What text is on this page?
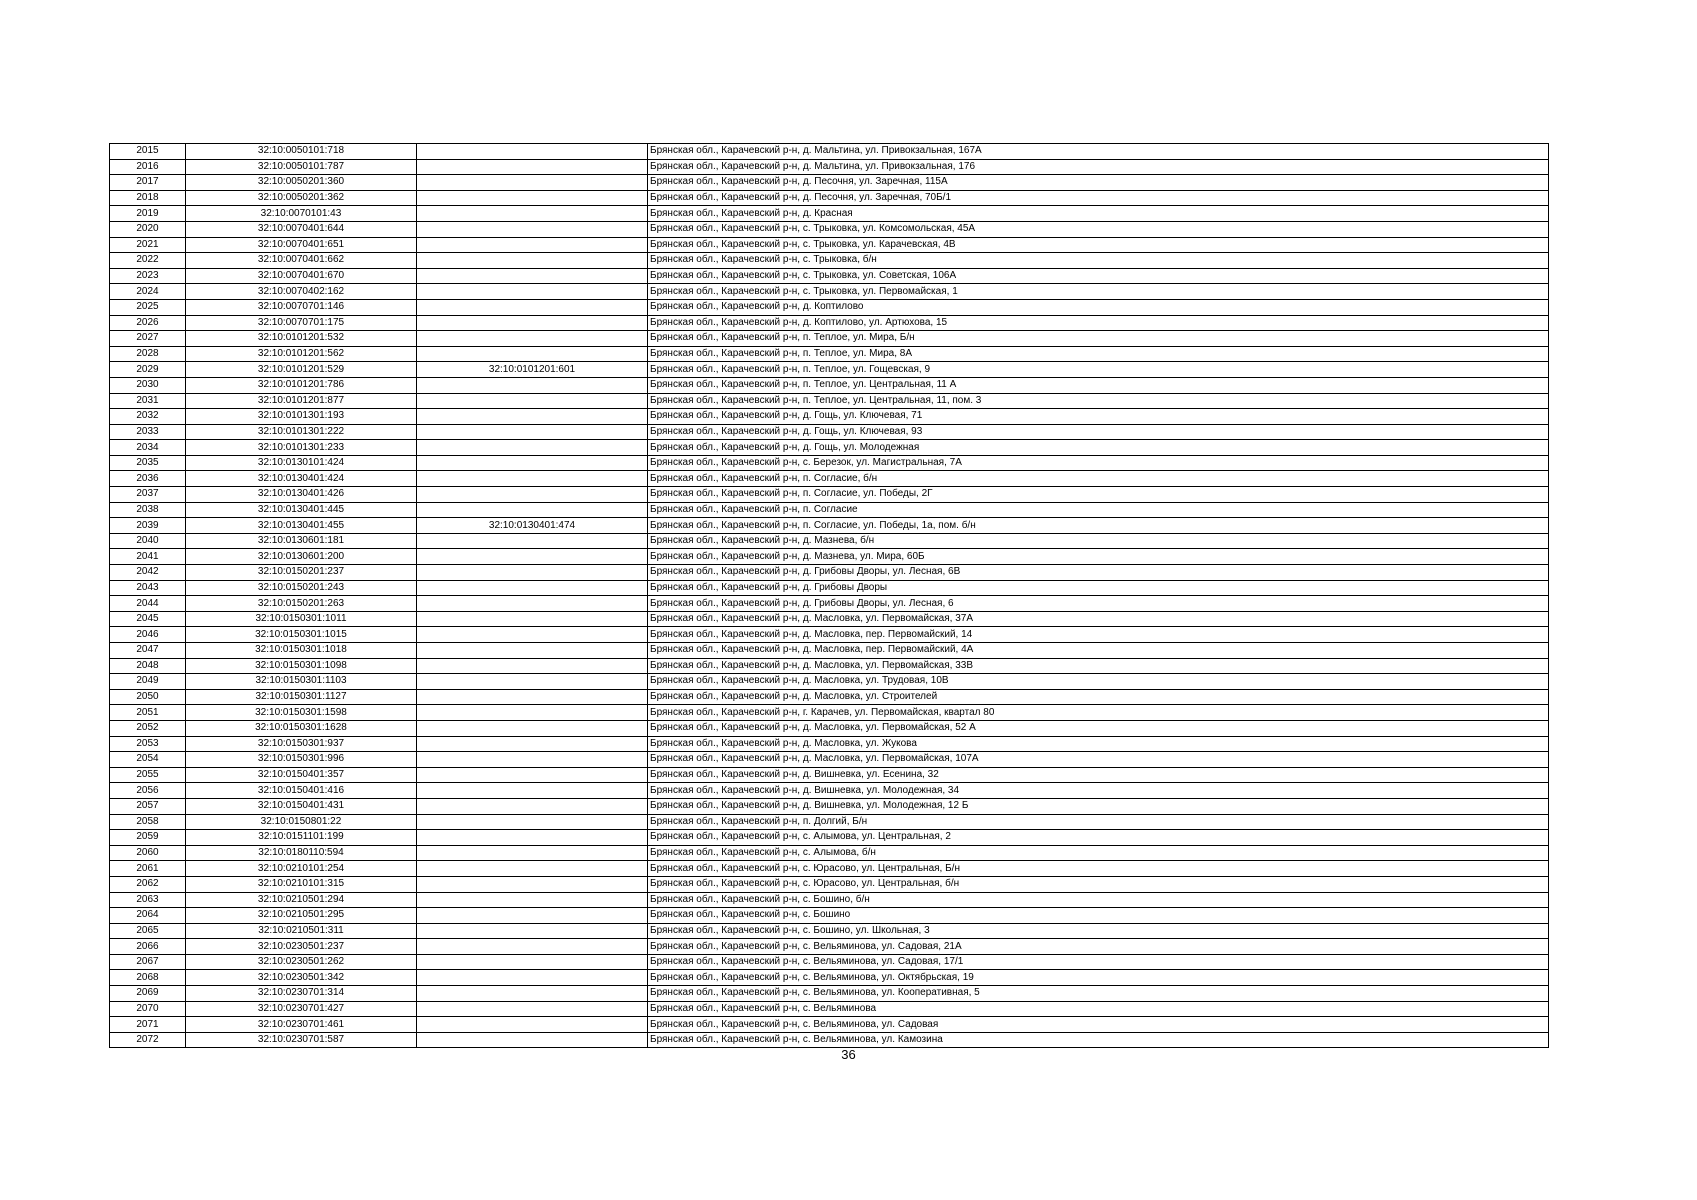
2015	32:10:0050101:718		Брянская обл., Карачевский р-н, д. Мальтина, ул. Привокзальная, 167А
2016	32:10:0050101:787		Брянская обл., Карачевский р-н, д. Мальтина, ул. Привокзальная, 176
2017	32:10:0050201:360		Брянская обл., Карачевский р-н, д. Песочня, ул. Заречная, 115А
2018	32:10:0050201:362		Брянская обл., Карачевский р-н, д. Песочня, ул. Заречная, 70Б/1
2019	32:10:0070101:43		Брянская обл., Карачевский р-н, д. Красная
2020	32:10:0070401:644		Брянская обл., Карачевский р-н, с. Трыковка, ул. Комсомольская, 45А
2021	32:10:0070401:651		Брянская обл., Карачевский р-н, с. Трыковка, ул. Карачевская, 4В
2022	32:10:0070401:662		Брянская обл., Карачевский р-н, с. Трыковка, б/н
2023	32:10:0070401:670		Брянская обл., Карачевский р-н, с. Трыковка, ул. Советская, 106А
2024	32:10:0070402:162		Брянская обл., Карачевский р-н, с. Трыковка, ул. Первомайская, 1
2025	32:10:0070701:146		Брянская обл., Карачевский р-н, д. Коптилово
2026	32:10:0070701:175		Брянская обл., Карачевский р-н, д. Коптилово, ул. Артюхова, 15
2027	32:10:0101201:532		Брянская обл., Карачевский р-н, п. Теплое, ул. Мира, Б/н
2028	32:10:0101201:562		Брянская обл., Карачевский р-н, п. Теплое, ул. Мира, 8А
2029	32:10:0101201:529	32:10:0101201:601	Брянская обл., Карачевский р-н, п. Теплое, ул. Гощевская, 9
2030	32:10:0101201:786		Брянская обл., Карачевский р-н, п. Теплое, ул. Центральная, 11 А
2031	32:10:0101201:877		Брянская обл., Карачевский р-н, п. Теплое, ул. Центральная, 11, пом. 3
2032	32:10:0101301:193		Брянская обл., Карачевский р-н, д. Гощь, ул. Ключевая, 71
2033	32:10:0101301:222		Брянская обл., Карачевский р-н, д. Гощь, ул. Ключевая, 93
2034	32:10:0101301:233		Брянская обл., Карачевский р-н, д. Гощь, ул. Молодежная
2035	32:10:0130101:424		Брянская обл., Карачевский р-н, с. Березок, ул. Магистральная, 7А
2036	32:10:0130401:424		Брянская обл., Карачевский р-н, п. Согласие, б/н
2037	32:10:0130401:426		Брянская обл., Карачевский р-н, п. Согласие, ул. Победы, 2Г
2038	32:10:0130401:445		Брянская обл., Карачевский р-н, п. Согласие
2039	32:10:0130401:455	32:10:0130401:474	Брянская обл., Карачевский р-н, п. Согласие, ул. Победы, 1а, пом. б/н
2040	32:10:0130601:181		Брянская обл., Карачевский р-н, д. Мазнева, б/н
2041	32:10:0130601:200		Брянская обл., Карачевский р-н, д. Мазнева, ул. Мира, 60Б
2042	32:10:0150201:237		Брянская обл., Карачевский р-н, д. Грибовы Дворы, ул. Лесная, 6В
2043	32:10:0150201:243		Брянская обл., Карачевский р-н, д. Грибовы Дворы
2044	32:10:0150201:263		Брянская обл., Карачевский р-н, д. Грибовы Дворы, ул. Лесная, 6
2045	32:10:0150301:1011		Брянская обл., Карачевский р-н, д. Масловка, ул. Первомайская, 37А
2046	32:10:0150301:1015		Брянская обл., Карачевский р-н, д. Масловка, пер. Первомайский, 14
2047	32:10:0150301:1018		Брянская обл., Карачевский р-н, д. Масловка, пер. Первомайский, 4А
2048	32:10:0150301:1098		Брянская обл., Карачевский р-н, д. Масловка, ул. Первомайская, 33В
2049	32:10:0150301:1103		Брянская обл., Карачевский р-н, д. Масловка, ул. Трудовая, 10В
2050	32:10:0150301:1127		Брянская обл., Карачевский р-н, д. Масловка, ул. Строителей
2051	32:10:0150301:1598		Брянская обл., Карачевский р-н, г. Карачев, ул. Первомайская, квартал 80
2052	32:10:0150301:1628		Брянская обл., Карачевский р-н, д. Масловка, ул. Первомайская, 52 А
2053	32:10:0150301:937		Брянская обл., Карачевский р-н, д. Масловка, ул. Жукова
2054	32:10:0150301:996		Брянская обл., Карачевский р-н, д. Масловка, ул. Первомайская, 107А
2055	32:10:0150401:357		Брянская обл., Карачевский р-н, д. Вишневка, ул. Есенина, 32
2056	32:10:0150401:416		Брянская обл., Карачевский р-н, д. Вишневка, ул. Молодежная, 34
2057	32:10:0150401:431		Брянская обл., Карачевский р-н, д. Вишневка, ул. Молодежная, 12 Б
2058	32:10:0150801:22		Брянская обл., Карачевский р-н, п. Долгий, Б/н
2059	32:10:0151101:199		Брянская обл., Карачевский р-н, с. Алымова, ул. Центральная, 2
2060	32:10:0180110:594		Брянская обл., Карачевский р-н, с. Алымова, б/н
2061	32:10:0210101:254		Брянская обл., Карачевский р-н, с. Юрасово, ул. Центральная, Б/н
2062	32:10:0210101:315		Брянская обл., Карачевский р-н, с. Юрасово, ул. Центральная, б/н
2063	32:10:0210501:294		Брянская обл., Карачевский р-н, с. Бошино, б/н
2064	32:10:0210501:295		Брянская обл., Карачевский р-н, с. Бошино
2065	32:10:0210501:311		Брянская обл., Карачевский р-н, с. Бошино, ул. Школьная, 3
2066	32:10:0230501:237		Брянская обл., Карачевский р-н, с. Вельяминова, ул. Садовая, 21А
2067	32:10:0230501:262		Брянская обл., Карачевский р-н, с. Вельяминова, ул. Садовая, 17/1
2068	32:10:0230501:342		Брянская обл., Карачевский р-н, с. Вельяминова, ул. Октябрьская, 19
2069	32:10:0230701:314		Брянская обл., Карачевский р-н, с. Вельяминова, ул. Кооперативная, 5
2070	32:10:0230701:427		Брянская обл., Карачевский р-н, с. Вельяминова
2071	32:10:0230701:461		Брянская обл., Карачевский р-н, с. Вельяминова, ул. Садовая
2072	32:10:0230701:587		Брянская обл., Карачевский р-н, с. Вельяминова, ул. Камозина
36
